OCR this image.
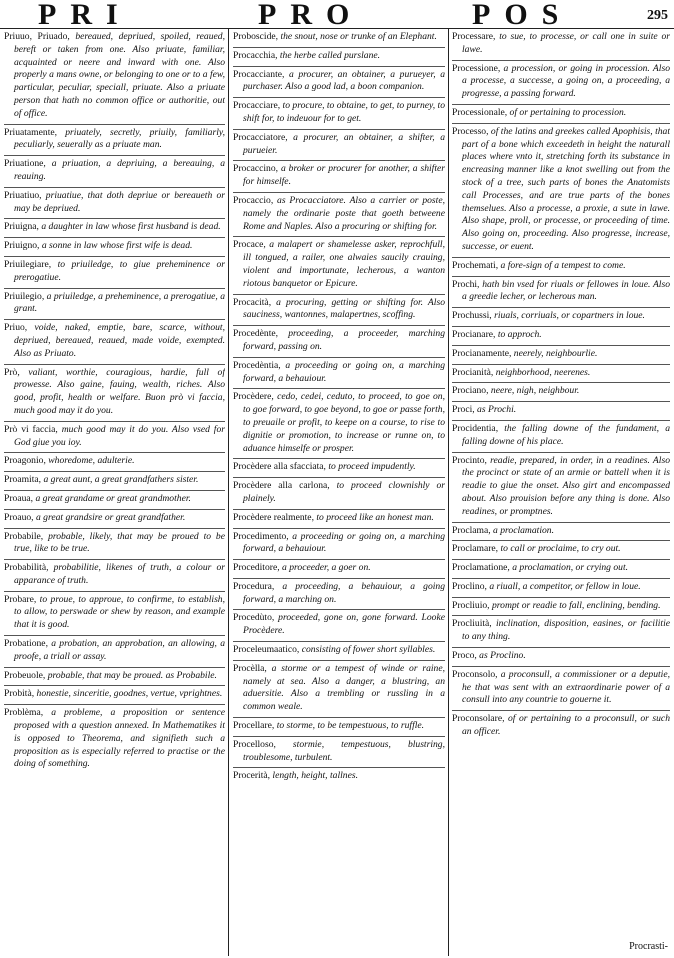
PRI	PRO	POS	295
Priuuo, Priuado, bereaued, depriued, spoiled, reaued, bereft or taken from one. Also priuate, familiar, acquainted or neere and inward with one. Also properly a mans owne, or belonging to one or to a few, particular, peculiar, speciall, priuate. Also a priuate person that hath no common office or authoritie, out of office.
Priuatamente, priuately, secretly, priuily, familiarly, peculiarly, seuerally as a priuate man.
Priuatione, a priuation, a depriuing, a bereauing, a reauing.
Priuatiuo, priuatiue, that doth depriue or bereaueth or may be depriued.
Priuigna, a daughter in law whose first husband is dead.
Priuigno, a sonne in law whose first wife is dead.
Priuilegiare, to priuiledge, to giue preheminence or prerogatiue.
Priuilegio, a priuiledge, a preheminence, a prerogatiue, a grant.
Priuo, voide, naked, emptie, bare, scarce, without, depriued, bereaued, reaued, made voide, exempted. Also as Priuato.
Prò, valiant, worthie, couragious, hardie, full of prowesse. Also gaine, fauing, wealth, riches. Also good, profit, health or welfare. Buon prò vi faccia, much good may it do you.
Prò vi faccia, much good may it do you. Also vsed for God giue you ioy.
Proagonio, whoredome, adulterie.
Proamita, a great aunt, a great grandfathers sister.
Proaua, a great grandame or great grandmother.
Proauo, a great grandsire or great grandfather.
Probabile, probable, likely, that may be proued to be true, like to be true.
Probabilità, probabilitie, likenes of truth, a colour or apparance of truth.
Probare, to proue, to approue, to confirme, to establish, to allow, to perswade or shew by reason, and example that it is good.
Probatione, a probation, an approbation, an allowing, a proofe, a triall or assay.
Probeuole, probable, that may be proued. as Probabile.
Probità, honestie, sinceritie, goodnes, vertue, vprightnes.
Problèma, a probleme, a proposition or sentence proposed with a question annexed. In Mathematikes it is opposed to Theorema, and signifieth such a proposition as is especially referred to practise or the doing of something.
Proboscide, the snout, nose or trunke of an Elephant.
Procacchia, the herbe called purslane.
Procacciante, a procurer, an obtainer, a purueyer, a purchaser. Also a good lad, a boon companion.
Procacciare, to procure, to obtaine, to get, to purney, to shift for, to indeuour for to get.
Procacciatore, a procurer, an obtainer, a shifter, a purueier.
Procaccino, a broker or procurer for another, a shifter for himselfe.
Procaccio, as Procacciatore. Also a carrier or poste, namely the ordinarie poste that goeth betweene Rome and Naples. Also a procuring or shifting for.
Procace, a malapert or shamelesse asker, reprochfull, ill tongued, a railer, one alwaies saucily crauing, violent and importunate, lecherous, a wanton riotous banquetor or Epicure.
Procacità, a procuring, getting or shifting for. Also sauciness, wantonnes, malapertnes, scoffing.
Procedènte, proceeding, a proceeder, marching forward, passing on.
Procedèntia, a proceeding or going on, a marching forward, a behauiour.
Procèdere, cedo, cedei, ceduto, to proceed, to goe on, to goe forward, to goe beyond, to goe or passe forth, to preuaile or profit, to keepe on a course, to rise to dignitie or promotion, to increase or runne on, to aduance himselfe or prosper.
Procèdere alla sfacciata, to proceed impudently.
Procèdere alla carlona, to proceed clownishly or plainely.
Procèdere realmente, to proceed like an honest man.
Procedimento, a proceeding or going on, a marching forward, a behauiour.
Proceditore, a proceeder, a goer on.
Procedura, a proceeding, a behauiour, a going forward, a marching on.
Procedùto, proceeded, gone on, gone forward. Looke Procèdere.
Proceleumaatico, consisting of fower short syllables.
Procèlla, a storme or a tempest of winde or raine, namely at sea. Also a danger, a blustring, an aduersitie. Also a trembling or russling in a common weale.
Procellare, to storme, to be tempestuous, to ruffle.
Procelloso, stormie, tempestuous, blustring, troublesome, turbulent.
Procerità, length, height, tallnes.
Processare, to sue, to processe, or call one in suite or lawe.
Processione, a procession, or going in procession. Also a processe, a successe, a going on, a proceeding, a progresse, a passing forward.
Processionale, of or pertaining to procession.
Processo, of the latins and greekes called Apophisis, that part of a bone which exceedeth in height the naturall places where vnto it, stretching forth its substance in encreasing manner like a knot swelling out from the stock of a tree, such parts of bones the Anatomists call Processes, and are true parts of the bones themselues. Also a processe, a proxie, a sute in lawe. Also shape, proll, or processe, or proceeding of time. Also going on, proceeding. Also progresse, increase, successe, or euent.
Prochemati, a fore-sign of a tempest to come.
Prochi, hath bin vsed for riuals or fellowes in loue. Also a greedie lecher, or lecherous man.
Prochussi, riuals, corriuals, or copartners in loue.
Procianare, to approch.
Procianamente, neerely, neighbourlie.
Procianità, neighborhood, neerenes.
Prociano, neere, nigh, neighbour.
Proci, as Prochi.
Procidentia, the falling downe of the fundament, a falling downe of his place.
Procinto, readie, prepared, in order, in a readines. Also the procinct or state of an armie or battell when it is readie to giue the onset. Also girt and encompassed about. Also prouision before any thing is done. Also readines, or promptnes.
Proclama, a proclamation.
Proclamare, to call or proclaime, to cry out.
Proclamatione, a proclamation, or crying out.
Proclino, a riuall, a competitor, or fellow in loue.
Procliuio, prompt or readie to fall, enclining, bending.
Procliuità, inclination, disposition, easines, or facilitie to any thing.
Proco, as Proclino.
Proconsolo, a proconsull, a commissioner or a deputie, he that was sent with an extraordinarie power of a consull into any countrie to gouerne it.
Proconsolare, of or pertaining to a proconsull, or such an officer.
Procrasti-
